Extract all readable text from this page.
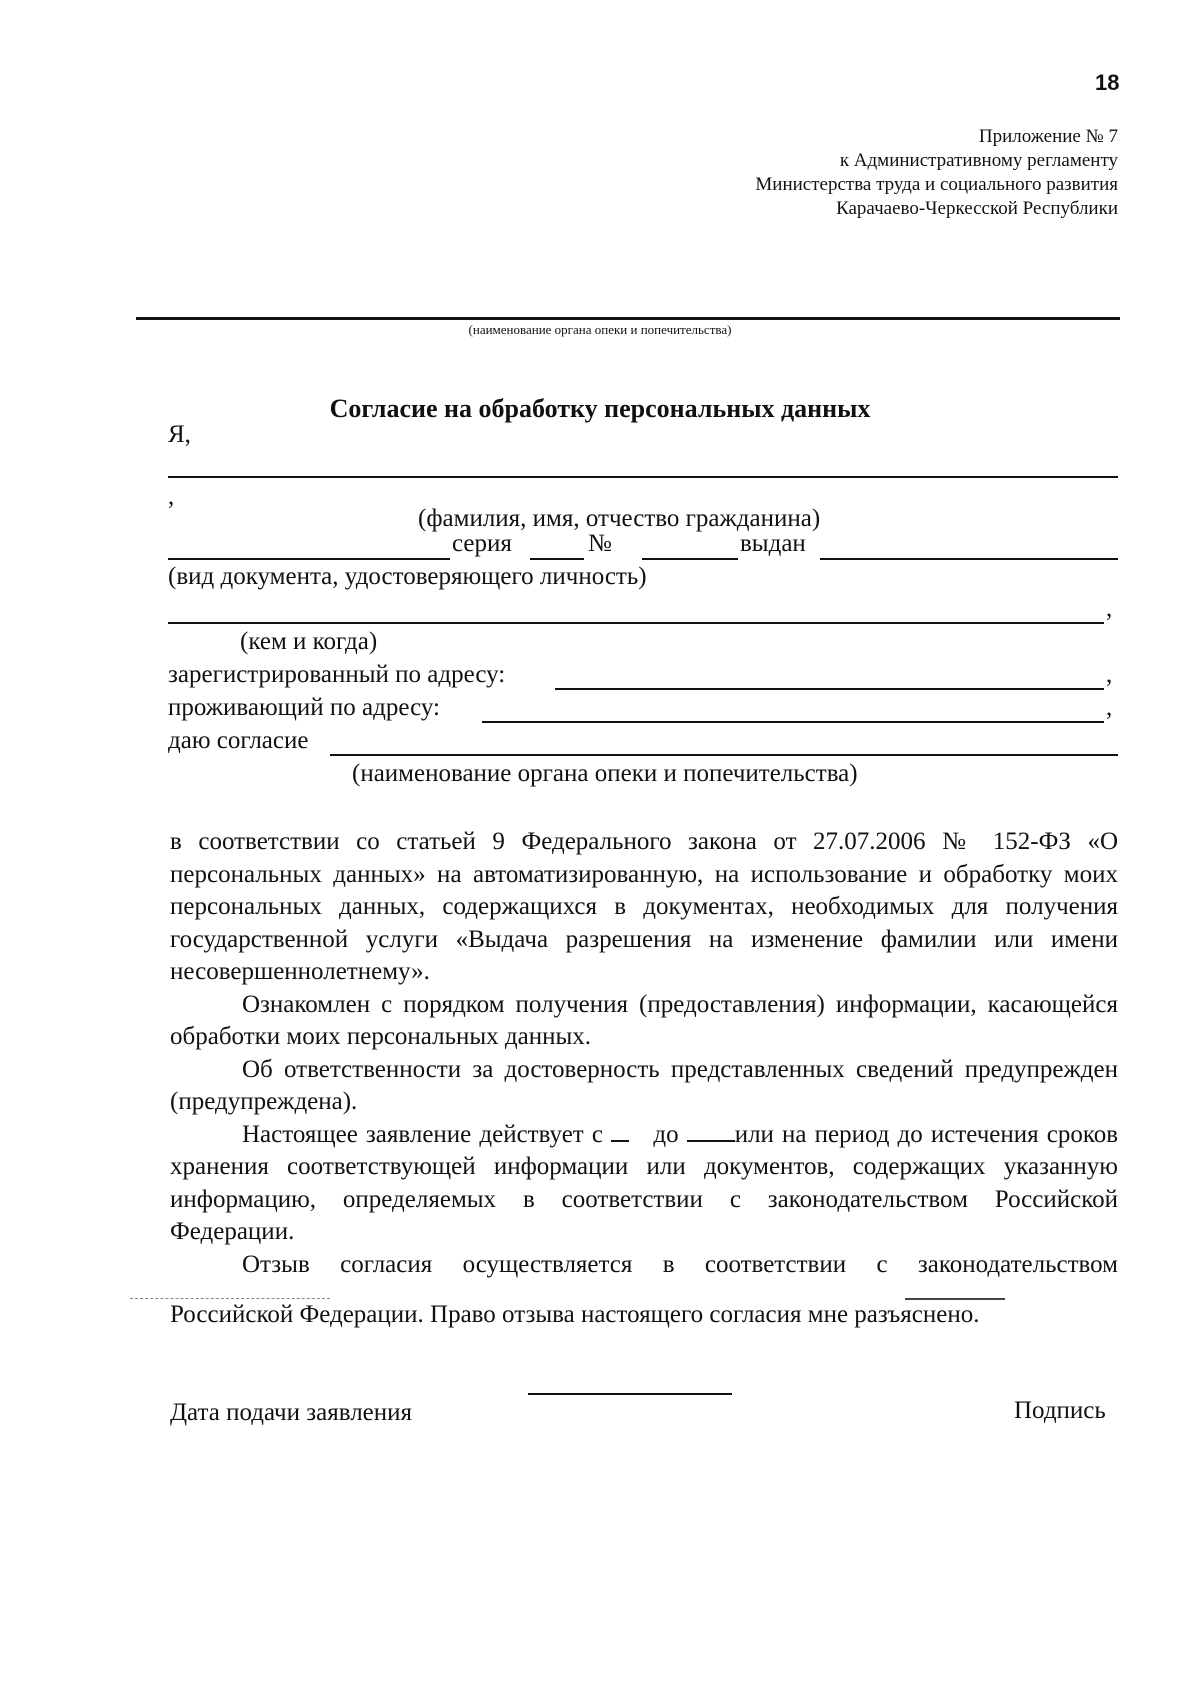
18
Приложение № 7
к Административному регламенту
Министерства труда и социального развития
Карачаево-Черкесской Республики
(наименование органа опеки и попечительства)
Согласие на обработку персональных данных
Я,
,
(фамилия, имя, отчество гражданина)
серия	№	выдан
(вид документа, удостоверяющего личность)
,
(кем и когда)
зарегистрированный по адресу:	,
проживающий по адресу:	,
даю согласие
(наименование органа опеки и попечительства)

в соответствии со статьей 9 Федерального закона от 27.07.2006 № 152-ФЗ «О персональных данных» на автоматизированную, на использование и обработку моих персональных данных, содержащихся в документах, необходимых для получения государственной услуги «Выдача разрешения на изменение фамилии или имени несовершеннолетнему».

Ознакомлен с порядком получения (предоставления) информации, касающейся обработки моих персональных данных.

Об ответственности за достоверность представленных сведений предупрежден (предупреждена).

Настоящее заявление действует с до или на период до истечения сроков хранения соответствующей информации или документов, содержащих указанную информацию, определяемых в соответствии с законодательством Российской Федерации.

Отзыв согласия осуществляется в соответствии с законодательством

Российской Федерации. Право отзыва настоящего согласия мне разъяснено.
Дата подачи заявления	Подпись
